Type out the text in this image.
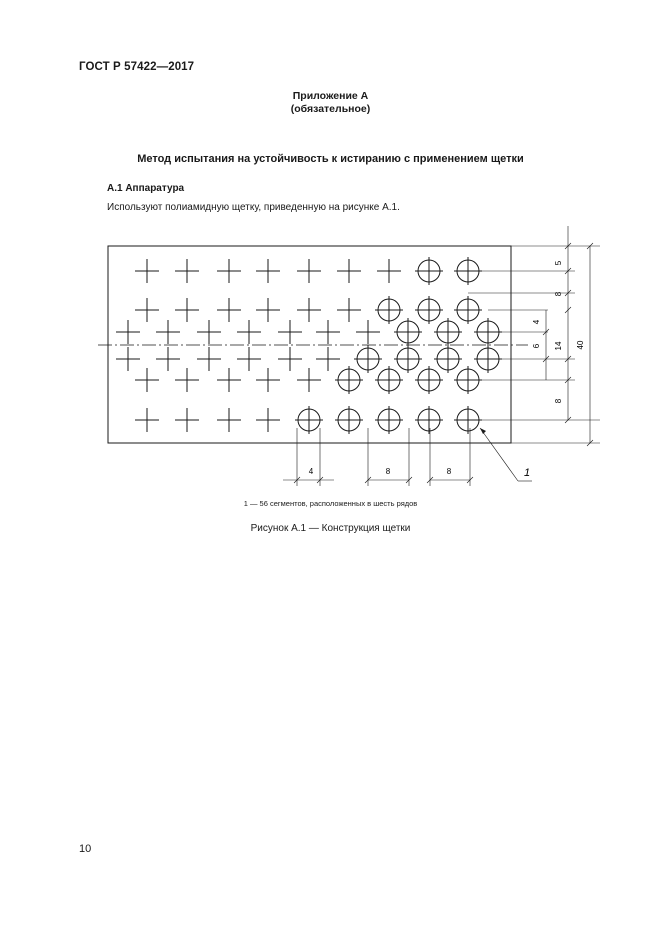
ГОСТ Р 57422—2017
Приложение А
(обязательное)
Метод испытания на устойчивость к истиранию с применением щетки
А.1 Аппаратура
Используют полиамидную щетку, приведенную на рисунке А.1.
5
8
4
6 14
8
40
4	8	8	1
1 — 56 сегментов, расположенных в шесть рядов
Рисунок А.1 — Конструкция щетки
10
